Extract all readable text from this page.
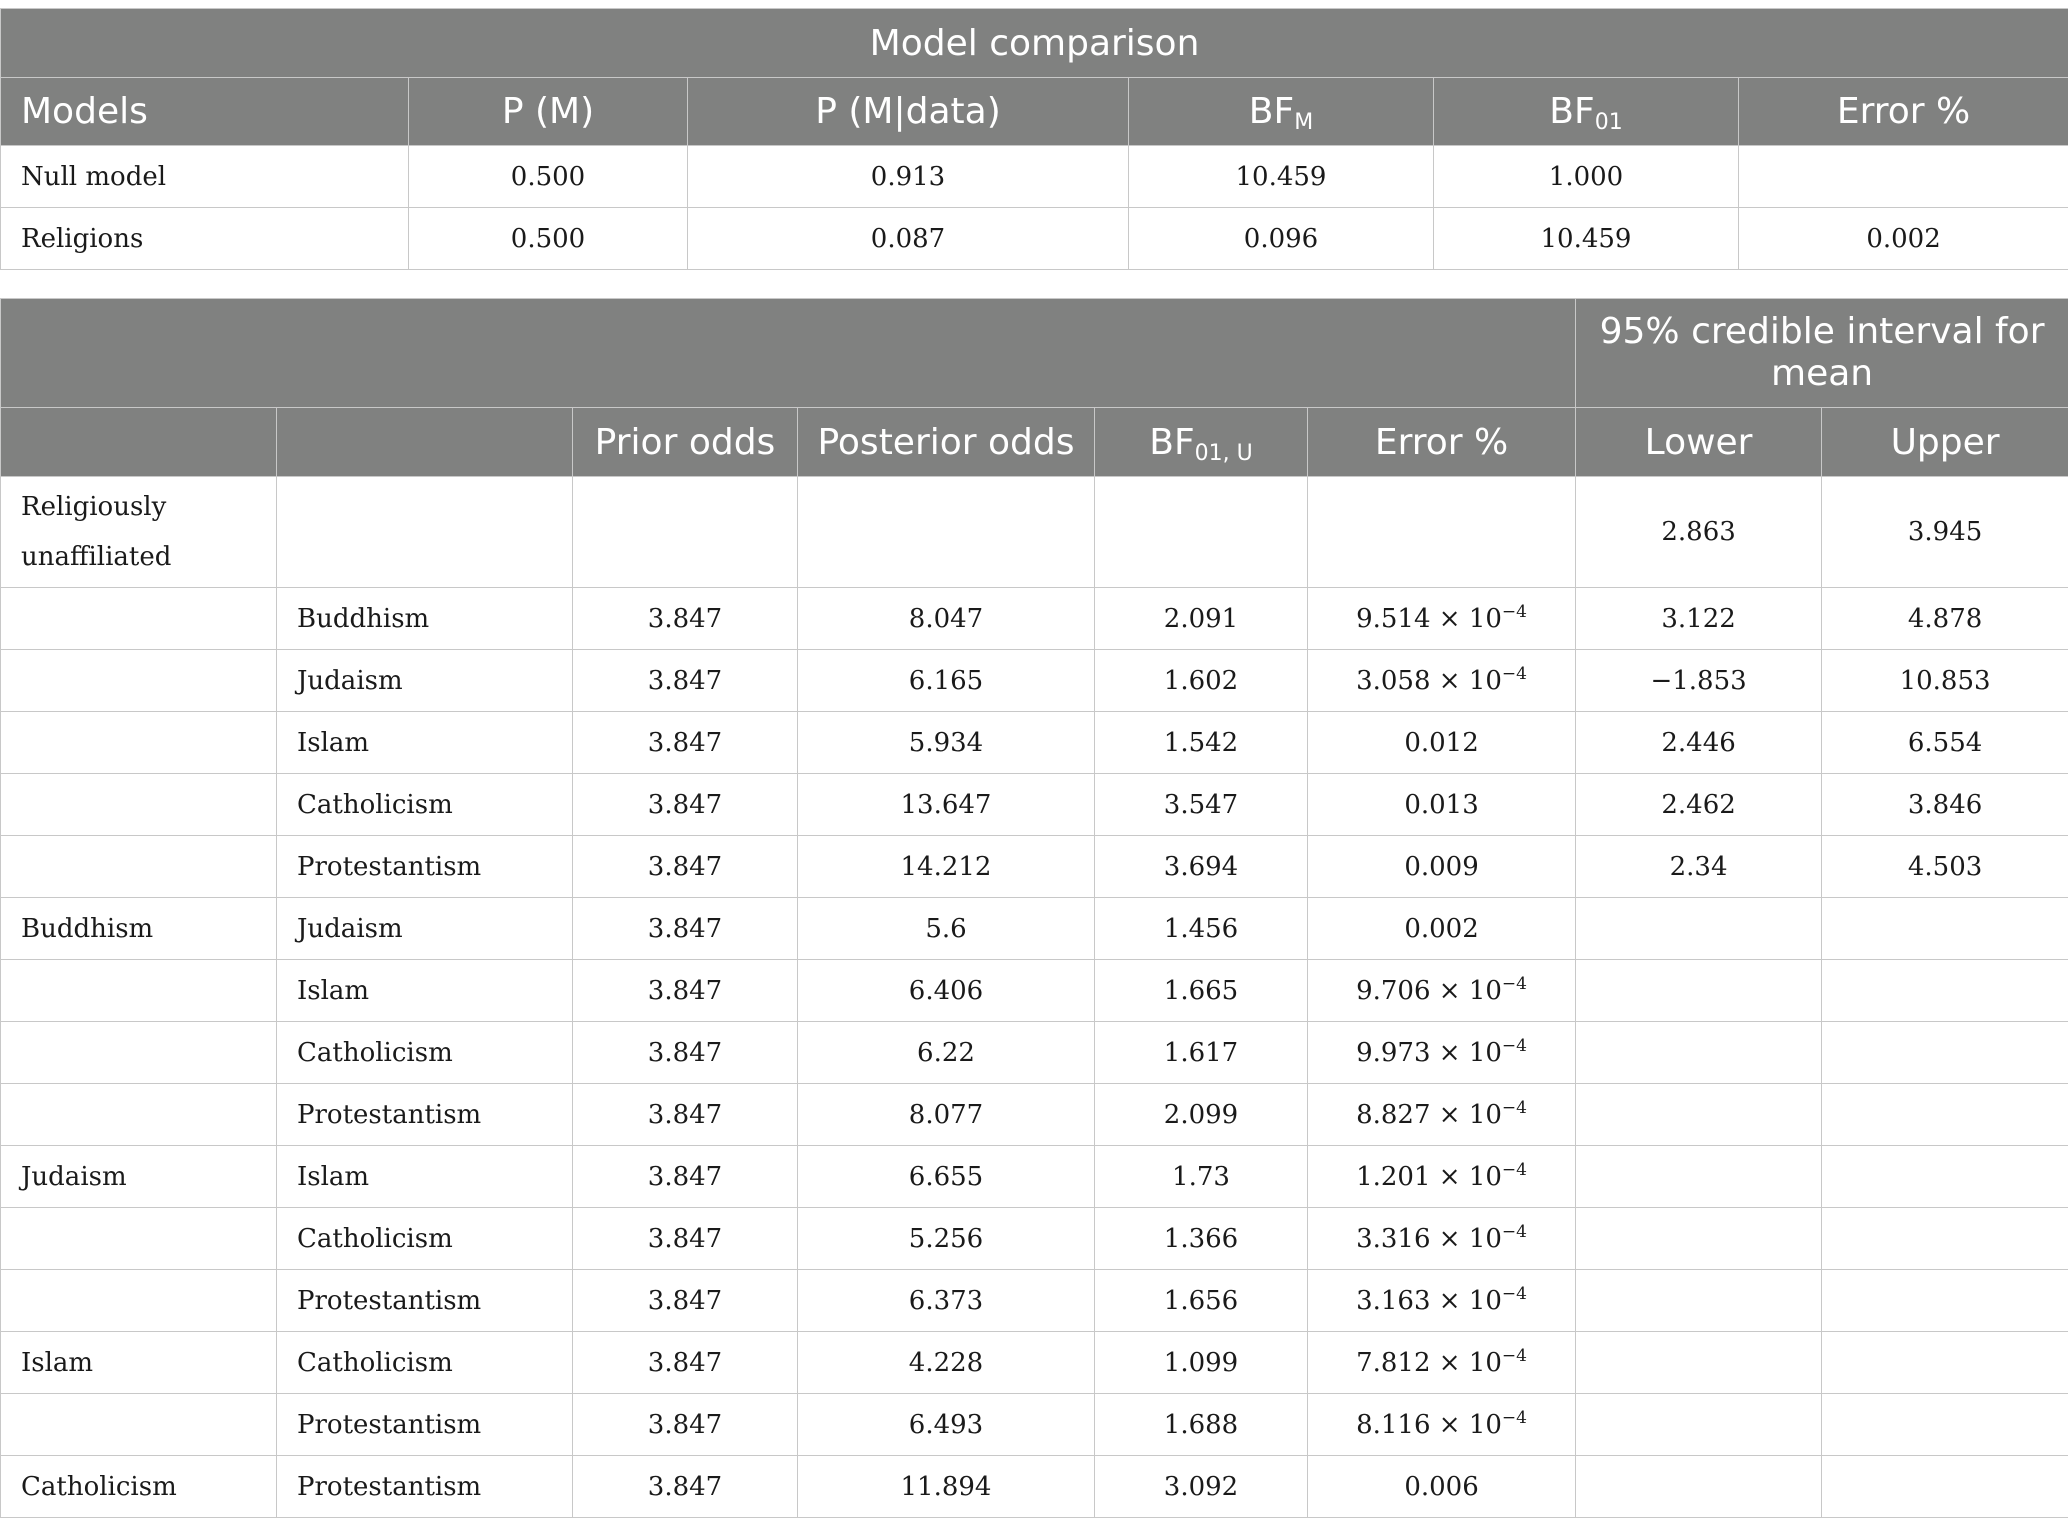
Model comparison					
Models	P (M)	P (M|data)	$BF_M$	$BF_{01}$	Error %
Null model	0.500	0.913	10.459	1.000	
Religions	0.500	0.087	0.096	10.459	0.002
						95% credible interval for mean	
		Prior odds	Posterior odds	$BF_{01, U}$	Error %	Lower	Upper
Religiously unaffiliated						2.863	3.945
	Buddhism	3.847	8.047	2.091	$9.514 \times 10^{-4}$	3.122	4.878
	Judaism	3.847	6.165	1.602	$3.058 \times 10^{-4}$	−1.853	10.853
	Islam	3.847	5.934	1.542	0.012	2.446	6.554
	Catholicism	3.847	13.647	3.547	0.013	2.462	3.846
	Protestantism	3.847	14.212	3.694	0.009	2.34	4.503
Buddhism	Judaism	3.847	5.6	1.456	0.002		
	Islam	3.847	6.406	1.665	$9.706 \times 10^{-4}$		
	Catholicism	3.847	6.22	1.617	$9.973 \times 10^{-4}$		
	Protestantism	3.847	8.077	2.099	$8.827 \times 10^{-4}$		
Judaism	Islam	3.847	6.655	1.73	$1.201 \times 10^{-4}$		
	Catholicism	3.847	5.256	1.366	$3.316 \times 10^{-4}$		
	Protestantism	3.847	6.373	1.656	$3.163 \times 10^{-4}$		
Islam	Catholicism	3.847	4.228	1.099	$7.812 \times 10^{-4}$		
	Protestantism	3.847	6.493	1.688	$8.116 \times 10^{-4}$		
Catholicism	Protestantism	3.847	11.894	3.092	0.006		
